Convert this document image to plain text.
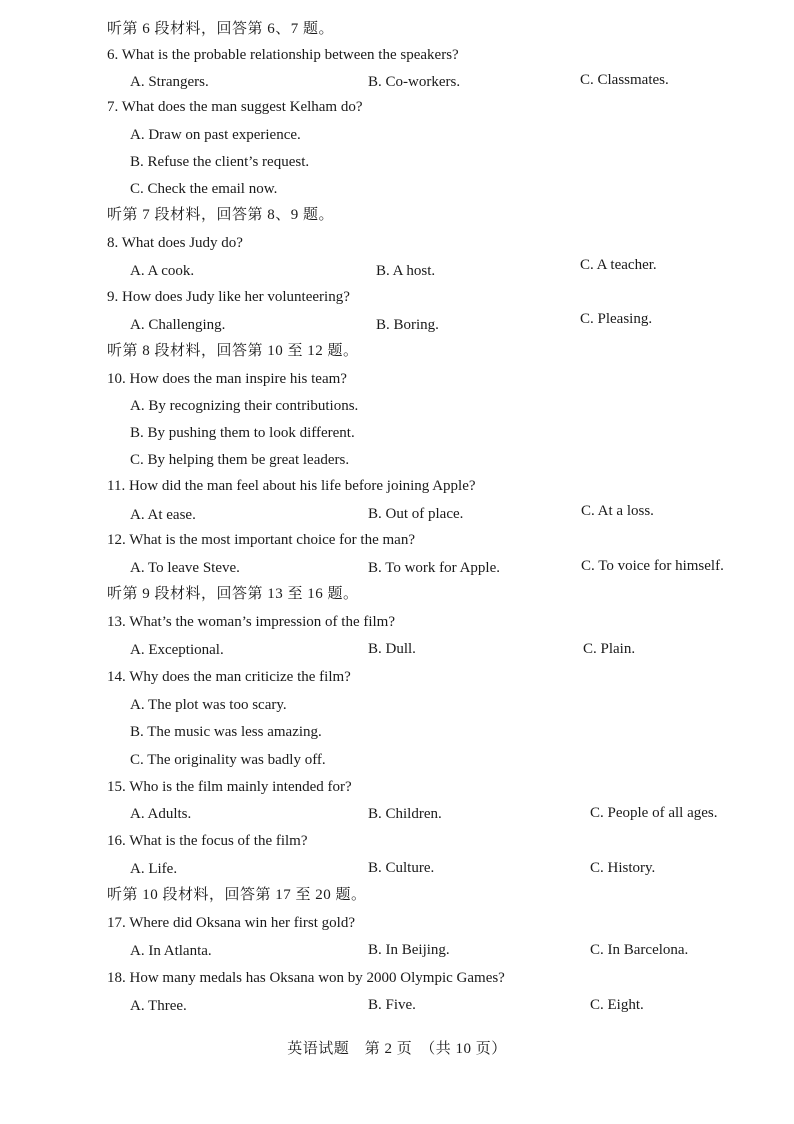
听第 6 段材料，回答第 6、7 题。
6. What is the probable relationship between the speakers?
A. Strangers.	B. Co-workers.	C. Classmates.
7. What does the man suggest Kelham do?
A. Draw on past experience.
B. Refuse the client’s request.
C. Check the email now.
听第 7 段材料，回答第 8、9 题。
8. What does Judy do?
A. A cook.	B. A host.	C. A teacher.
9. How does Judy like her volunteering?
A. Challenging.	B. Boring.	C. Pleasing.
听第 8 段材料，回答第 10 至 12 题。
10. How does the man inspire his team?
A. By recognizing their contributions.
B. By pushing them to look different.
C. By helping them be great leaders.
11. How did the man feel about his life before joining Apple?
A. At ease.	B. Out of place.	C. At a loss.
12. What is the most important choice for the man?
A. To leave Steve.	B. To work for Apple.	C. To voice for himself.
听第 9 段材料，回答第 13 至 16 题。
13. What’s the woman’s impression of the film?
A. Exceptional.	B. Dull.	C. Plain.
14. Why does the man criticize the film?
A. The plot was too scary.
B. The music was less amazing.
C. The originality was badly off.
15. Who is the film mainly intended for?
A. Adults.	B. Children.	C. People of all ages.
16. What is the focus of the film?
A. Life.	B. Culture.	C. History.
听第 10 段材料，回答第 17 至 20 题。
17. Where did Oksana win her first gold?
A. In Atlanta.	B. In Beijing.	C. In Barcelona.
18. How many medals has Oksana won by 2000 Olympic Games?
A. Three.	B. Five.	C. Eight.
英语试题　第 2 页　（共 10 页）
